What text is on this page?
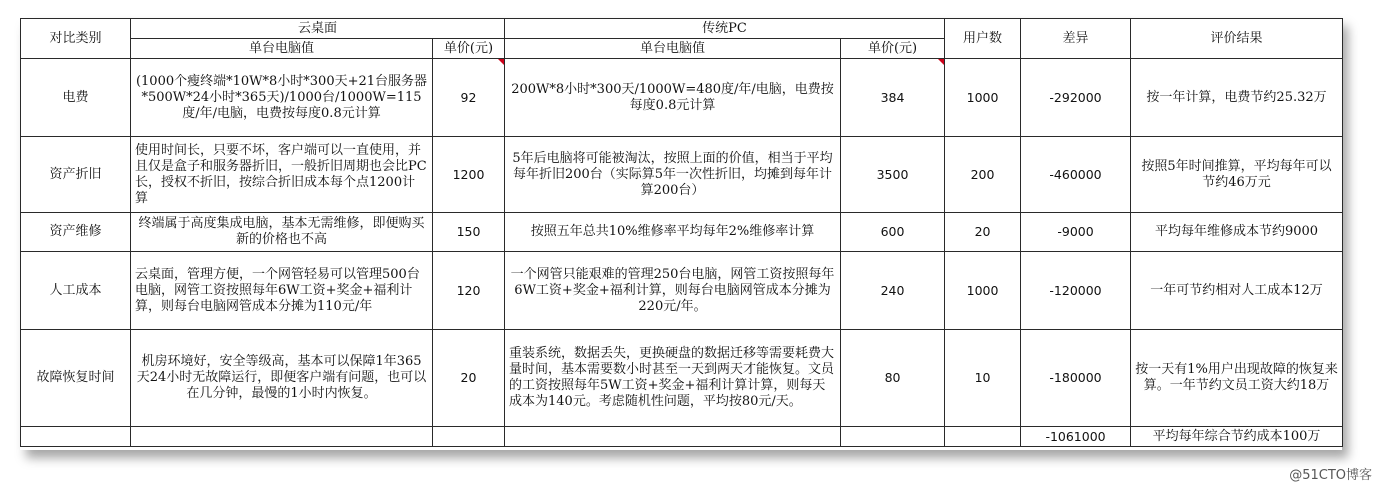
对比类别	云桌面		传统PC		用户数	差异	评价结果
	单台电脑值	单价(元)	单台电脑值	单价(元)			
电费	(1000个瘦终端*10W*8小时*300天+21台服务器*500W*24小时*365天)/1000台/1000W=115度/年/电脑，电费按每度0.8元计算	92	200W*8小时*300天/1000W=480度/年/电脑，电费按每度0.8元计算	384	1000	-292000	按一年计算，电费节约25.32万
资产折旧	使用时间长，只要不坏，客户端可以一直使用，并且仅是盒子和服务器折旧，一般折旧周期也会比PC长，授权不折旧，按综合折旧成本每个点1200计算	1200	5年后电脑将可能被淘汰，按照上面的价值，相当于平均每年折旧200台（实际算5年一次性折旧，均摊到每年计算200台）	3500	200	-460000	按照5年时间推算，平均每年可以节约46万元
资产维修	终端属于高度集成电脑，基本无需维修，即便购买新的价格也不高	150	按照五年总共10%维修率平均每年2%维修率计算	600	20	-9000	平均每年维修成本节约9000
人工成本	云桌面，管理方便，一个网管轻易可以管理500台电脑，网管工资按照每年6W工资+奖金+福利计算，则每台电脑网管成本分摊为110元/年	120	一个网管只能艰难的管理250台电脑，网管工资按照每年6W工资+奖金+福利计算，则每台电脑网管成本分摊为220元/年。	240	1000	-120000	一年可节约相对人工成本12万
故障恢复时间	机房环境好，安全等级高，基本可以保障1年365天24小时无故障运行，即便客户端有问题，也可以在几分钟，最慢的1小时内恢复。	20	重装系统，数据丢失，更换硬盘的数据迁移等需要耗费大量时间，基本需要数小时甚至一天到两天才能恢复。文员的工资按照每年5W工资+奖金+福利计算计算，则每天成本为140元。考虑随机性问题，平均按80元/天。	80	10	-180000	按一天有1%用户出现故障的恢复来算。一年节约文员工资大约18万
						-1061000	平均每年综合节约成本100万
@51CTO博客
